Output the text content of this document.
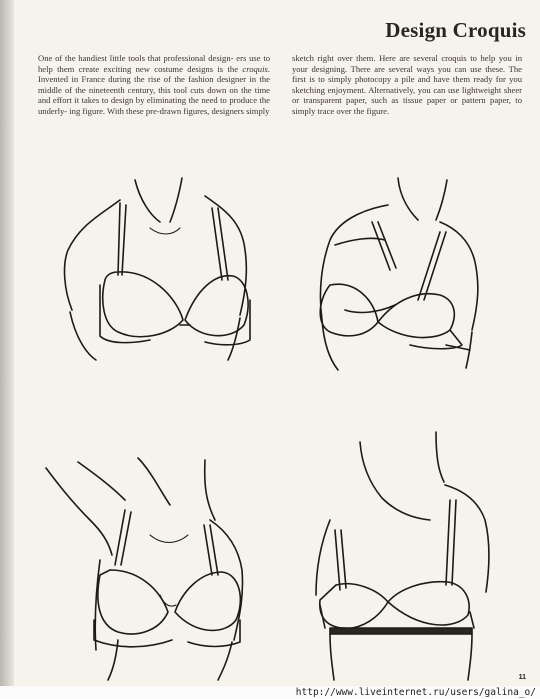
Design Croquis
One of the handiest little tools that professional design- ers use to help them create exciting new costume designs is the croquis. Invented in France during the rise of the fashion designer in the middle of the nineteenth century, this tool cuts down on the time and effort it takes to design by eliminating the need to produce the underly- ing figure. With these pre-drawn figures, designers simply
sketch right over them. Here are several croquis to help you in your designing. There are several ways you can use these. The first is to simply photocopy a pile and have them ready for you sketching enjoyment. Alternatively, you can use lightweight sheer or transparent paper, such as tissue paper or pattern paper, to simply trace over the figure.
11
http://www.liveinternet.ru/users/galina_o/
